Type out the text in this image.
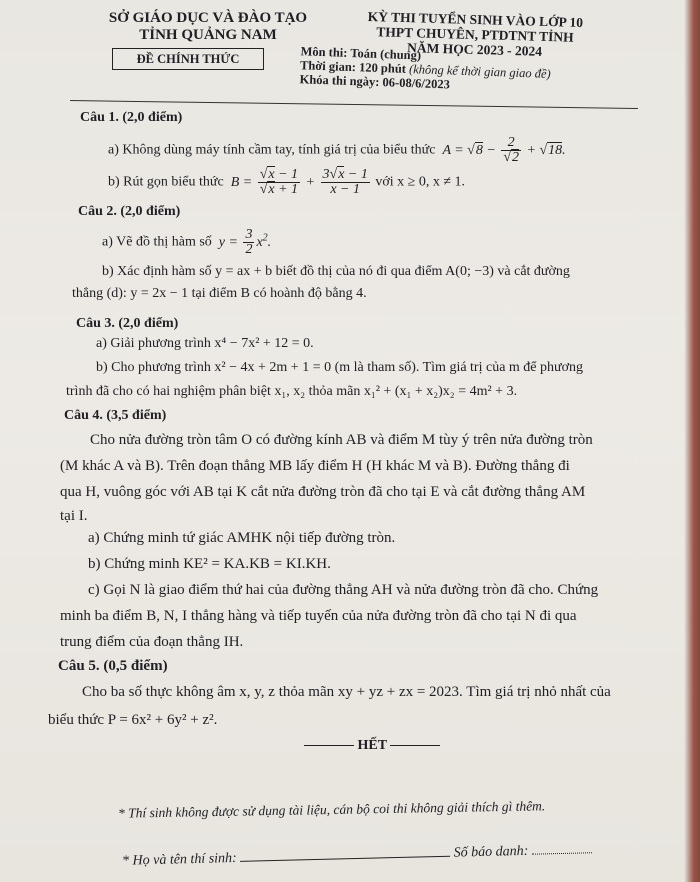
SỞ GIÁO DỤC VÀ ĐÀO TẠO
TỈNH QUẢNG NAM
KỲ THI TUYỂN SINH VÀO LỚP 10
THPT CHUYÊN, PTDTNT TỈNH
NĂM HỌC 2023 - 2024
ĐỀ CHÍNH THỨC	Môn thi: Toán (chung)
Thời gian: 120 phút (không kể thời gian giao đề)
Khóa thi ngày: 06-08/6/2023
Câu 1. (2,0 điểm)
a) Không dùng máy tính cầm tay, tính giá trị của biểu thức  $A = √8 - \frac{2}{√2} + √18$.
b) Rút gọn biểu thức  $B = \frac{√x - 1}{√x + 1} + \frac{3√x - 1}{x - 1}$ với x ≥ 0, x ≠ 1.
Câu 2. (2,0 điểm)
a) Vẽ đồ thị hàm số  $y = \frac{3}{2} x^2$.
b) Xác định hàm số y = ax + b biết đồ thị của nó đi qua điểm A(0; −3) và cắt đường
thẳng (d): y = 2x − 1 tại điểm B có hoành độ bằng 4.
Câu 3. (2,0 điểm)
a) Giải phương trình x⁴ − 7x² + 12 = 0.
b) Cho phương trình x² − 4x + 2m + 1 = 0 (m là tham số). Tìm giá trị của m để phương
trình đã cho có hai nghiệm phân biệt x₁, x₂ thỏa mãn x₁² + (x₁ + x₂)x₂ = 4m² + 3.
Câu 4. (3,5 điểm)
Cho nửa đường tròn tâm O có đường kính AB và điểm M tùy ý trên nửa đường tròn
(M khác A và B). Trên đoạn thẳng MB lấy điểm H (H khác M và B). Đường thẳng đi
qua H, vuông góc với AB tại K cắt nửa đường tròn đã cho tại E và cắt đường thẳng AM
tại I.
a) Chứng minh tứ giác AMHK nội tiếp đường tròn.
b) Chứng minh KE² = KA.KB = KI.KH.
c) Gọi N là giao điểm thứ hai của đường thẳng AH và nửa đường tròn đã cho. Chứng
minh ba điểm B, N, I thẳng hàng và tiếp tuyến của nửa đường tròn đã cho tại N đi qua
trung điểm của đoạn thẳng IH.
Câu 5. (0,5 điểm)
Cho ba số thực không âm x, y, z thỏa mãn xy + yz + zx = 2023. Tìm giá trị nhỏ nhất của
biểu thức P = 6x² + 6y² + z².
HẾT
* Thí sinh không được sử dụng tài liệu, cán bộ coi thi không giải thích gì thêm.
* Họ và tên thí sinh:	Số báo danh:
